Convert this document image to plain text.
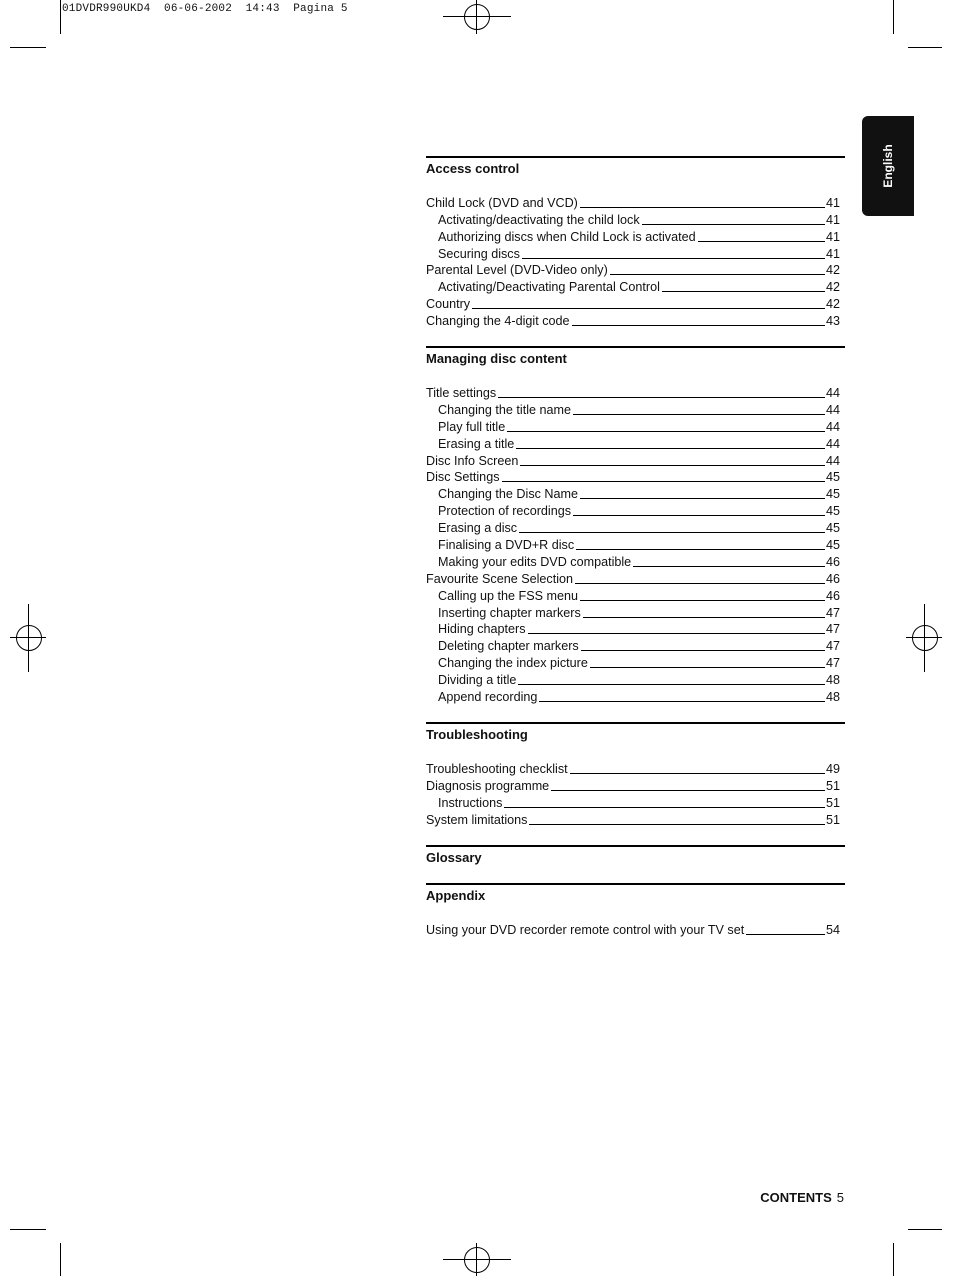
01DVDR990UKD4  06-06-2002  14:43  Pagina 5
English
Access control
Child Lock (DVD and VCD)	41
Activating/deactivating the child lock	41
Authorizing discs when Child Lock is activated	41
Securing discs	41
Parental Level (DVD-Video only)	42
Activating/Deactivating Parental Control	42
Country	42
Changing the 4-digit code	43
Managing disc content
Title settings	44
Changing the title name	44
Play full title	44
Erasing a title	44
Disc Info Screen	44
Disc Settings	45
Changing the Disc Name	45
Protection of recordings	45
Erasing a disc	45
Finalising a DVD+R disc	45
Making your edits DVD compatible	46
Favourite Scene Selection	46
Calling up the FSS menu	46
Inserting chapter markers	47
Hiding chapters	47
Deleting chapter markers	47
Changing the index picture	47
Dividing a title	48
Append recording	48
Troubleshooting
Troubleshooting checklist	49
Diagnosis programme	51
Instructions	51
System limitations	51
Glossary
Appendix
Using your DVD recorder remote control with your TV set	54
CONTENTS 5
